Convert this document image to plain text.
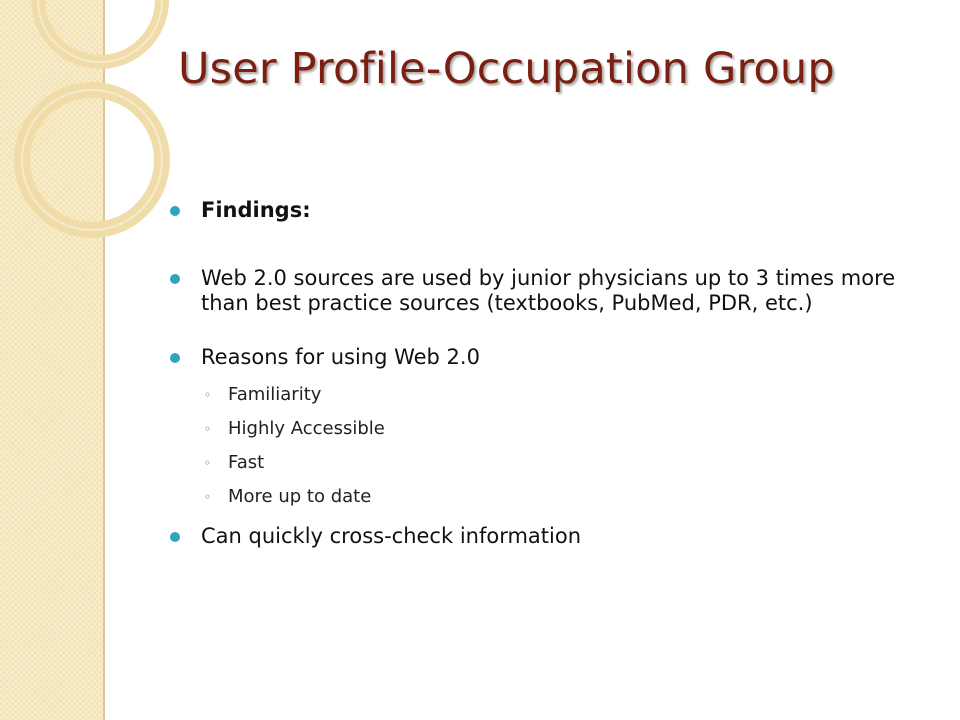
User Profile-Occupation Group
Findings:
Web 2.0 sources are used by junior physicians up to 3 times more than best practice sources (textbooks, PubMed, PDR, etc.)
Reasons for using Web 2.0
◦ Familiarity
◦ Highly Accessible
◦ Fast
◦ More up to date
Can quickly cross-check information
